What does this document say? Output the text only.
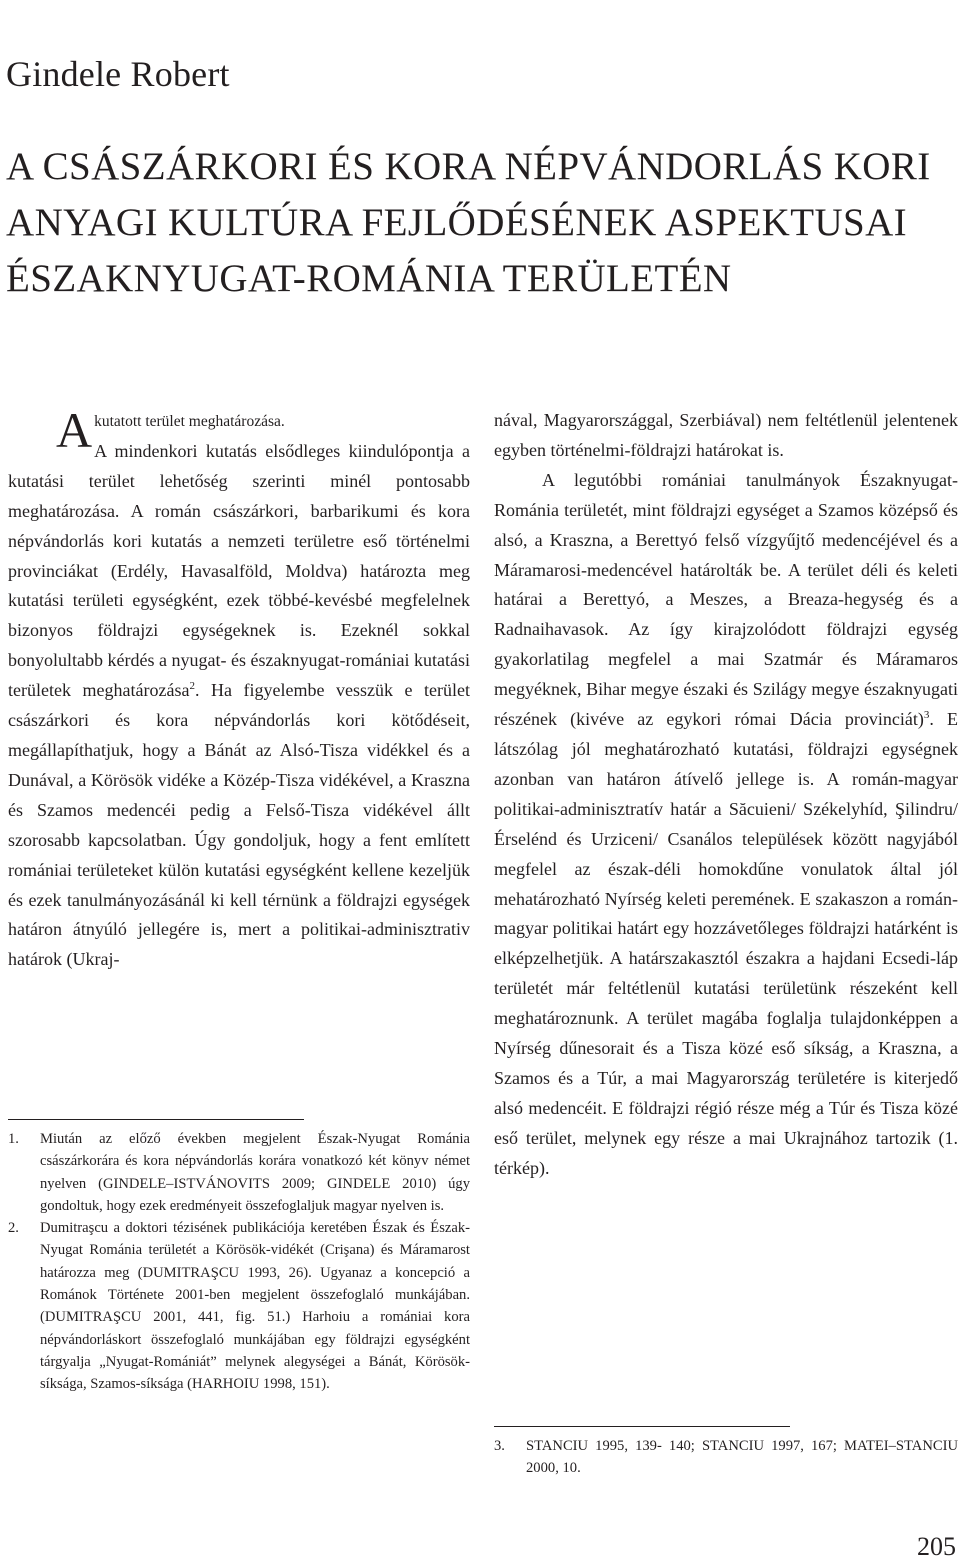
Gindele Robert
A CSÁSZÁRKORI ÉS KORA NÉPVÁNDORLÁS KORI
ANYAGI KULTÚRA FEJLŐDÉSÉNEK ASPEKTUSAI
ÉSZAKNYUGAT-ROMÁNIA TERÜLETÉN

Akutatott terület meghatározása.
A mindenkori kutatás elsődleges kiindulópontja a kutatási terület lehetőség szerinti minél pontosabb meghatározása. A román császárkori, barbarikumi és kora népvándorlás kori kutatás a nemzeti területre eső történelmi provinciákat (Erdély, Havasalföld, Moldva) határozta meg kutatási területi egységként, ezek többé-kevésbé megfelelnek bizonyos földrajzi egységeknek is. Ezeknél sokkal bonyolultabb kérdés a nyugat- és északnyugat-romániai kutatási területek meghatározása$^2$. Ha figyelembe vesszük e terület császárkori és kora népvándorlás kori kötődéseit, megállapíthatjuk, hogy a Bánát az Alsó-Tisza vidékkel és a Dunával, a Körösök vidéke a Közép-Tisza vidékével, a Kraszna és Szamos medencéi pedig a Felső-Tisza vidékével állt szorosabb kapcsolatban. Úgy gondoljuk, hogy a fent említett romániai területeket külön kutatási egységként kellene kezeljük és ezek tanulmányozásánál ki kell térnünk a földrajzi egységek határon átnyúló jellegére is, mert a politikai-adminisztrativ határok (Ukraj-

1.	Miután az előző években megjelent Észak-Nyugat Románia császárkorára és kora népvándorlás korára vonatkozó két könyv német nyelven (GINDELE–ISTVÁNOVITS 2009; GINDELE 2010) úgy gondoltuk, hogy ezek eredményeit összefoglaljuk magyar nyelven is.
2.	Dumitraşcu a doktori tézisének publikációja keretében Észak és Észak-Nyugat Románia területét a Körösök-vidékét (Crişana) és Máramarost határozza meg (DUMITRAŞCU 1993, 26). Ugyanaz a koncepció a Románok Története 2001-ben megjelent összefoglaló munkájában. (DUMITRAŞCU 2001, 441, fig. 51.) Harhoiu a romániai kora népvándorláskort összefoglaló munkájában egy földrajzi egységként tárgyalja „Nyugat-Romániát” melynek alegységei a Bánát, Körösök-síksága, Szamos-síksága (HARHOIU 1998, 151).

nával, Magyarországgal, Szerbiával) nem feltétlenül jelentenek egyben történelmi-földrajzi határokat is.

A legutóbbi romániai tanulmányok Északnyugat-Románia területét, mint földrajzi egységet a Szamos középső és alsó, a Kraszna, a Berettyó felső vízgyűjtő medencéjével és a Máramarosi-medencével határolták be. A terület déli és keleti határai a Berettyó, a Meszes, a Breaza-hegység és a Radnaihavasok. Az így kirajzolódott földrajzi egység gyakorlatilag megfelel a mai Szatmár és Máramaros megyéknek, Bihar megye északi és Szilágy megye északnyugati részének (kivéve az egykori római Dácia provinciát)$^3$. E látszólag jól meghatározható kutatási, földrajzi egységnek azonban van határon átívelő jellege is. A román-magyar politikai-adminisztratív határ a Săcuieni/ Székelyhíd, Şilindru/ Érselénd és Urziceni/ Csanálos települések között nagyjából megfelel az észak-déli homokdűne vonulatok által jól mehatározható Nyírség keleti peremének. E szakaszon a román-magyar politikai határt egy hozzávetőleges földrajzi határként is elképzelhetjük. A határszakasztól északra a hajdani Ecsedi-láp területét már feltétlenül kutatási területünk részeként kell meghatároznunk. A terület magába foglalja tulajdonképpen a Nyírség dűnesorait és a Tisza közé eső síkság, a Kraszna, a Szamos és a Túr, a mai Magyarország területére is kiterjedő alsó medencéit. E földrajzi régió része még a Túr és Tisza közé eső terület, melynek egy része a mai Ukrajnához tartozik (1. térkép).

3.	STANCIU 1995, 139- 140; STANCIU 1997, 167; MATEI–STANCIU 2000, 10.
205
